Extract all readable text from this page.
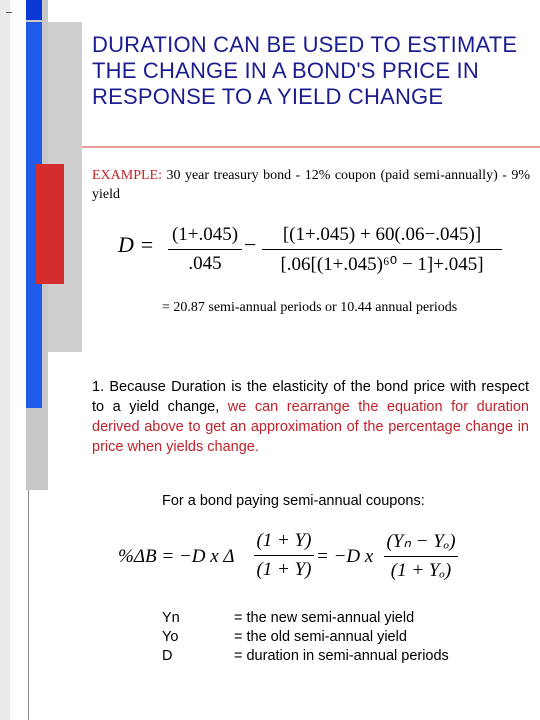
DURATION CAN BE USED TO ESTIMATE THE CHANGE IN A BOND'S PRICE IN RESPONSE TO A YIELD CHANGE
EXAMPLE: 30 year treasury bond - 12% coupon (paid semi-annually) - 9% yield
D = (1+.045)
.045
−	[(1+.045) + 60(.06−.045)]
[.06[(1+.045)⁶⁰ − 1]+.045]
= 20.87 semi-annual periods or 10.44 annual periods
1. Because Duration is the elasticity of the bond price with respect to a yield change, we can rearrange the equation for duration derived above to get an approximation of the percentage change in price when yields change.
For a bond paying semi-annual coupons:
%ΔB = −D x Δ
(1 + Y)
(1 + Y)
= −D x
(Yₙ − Yₒ)
(1 + Yₒ)
Yn	= the new semi-annual yield
Yo	= the old semi-annual yield
D	= duration in semi-annual periods
